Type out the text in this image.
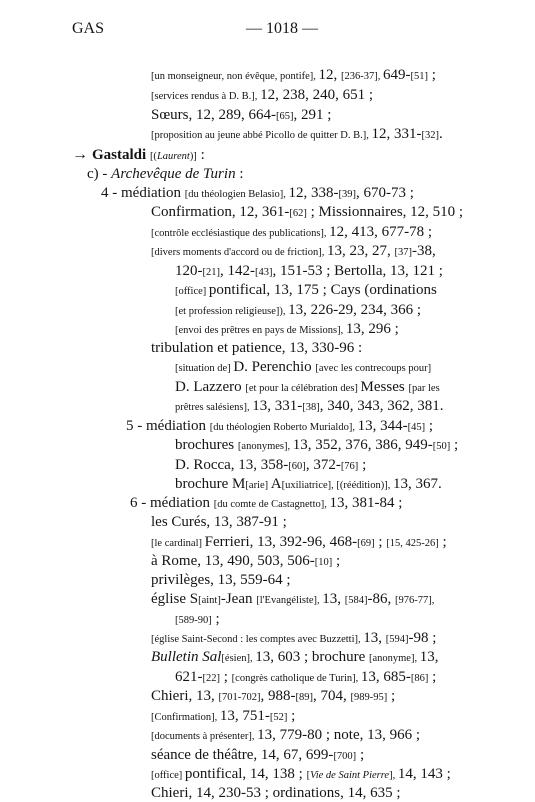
GAS	— 1018 —
[un monseigneur, non évêque, pontife], 12, [236-37], 649-[51] ;
[services rendus à D. B.], 12, 238, 240, 651 ;
Sœurs, 12, 289, 664-[65], 291 ;
[proposition au jeune abbé Picollo de quitter D. B.], 12, 331-[32].
→ Gastaldi [(Laurent)] :
c) - Archevêque de Turin :
4 - médiation [du théologien Belasio], 12, 338-[39], 670-73 ;
Confirmation, 12, 361-[62] ; Missionnaires, 12, 510 ;
[contrôle ecclésiastique des publications], 12, 413, 677-78 ;
[divers moments d'accord ou de friction], 13, 23, 27, [37]-38,
120-[21], 142-[43], 151-53 ; Bertolla, 13, 121 ;
[office] pontifical, 13, 175 ; Cays (ordinations
[et profession religieuse]), 13, 226-29, 234, 366 ;
[envoi des prêtres en pays de Missions], 13, 296 ;
tribulation et patience, 13, 330-96 :
[situation de] D. Perenchio [avec les contrecoups pour]
D. Lazzero [et pour la célébration des] Messes [par les
prêtres salésiens], 13, 331-[38], 340, 343, 362, 381.
5 - médiation [du théologien Roberto Murialdo], 13, 344-[45] ;
brochures [anonymes], 13, 352, 376, 386, 949-[50] ;
D. Rocca, 13, 358-[60], 372-[76] ;
brochure M[arie] A[uxiliatrice], [(réédition)], 13, 367.
6 - médiation [du comte de Castagnetto], 13, 381-84 ;
les Curés, 13, 387-91 ;
[le cardinal] Ferrieri, 13, 392-96, 468-[69] ; [15, 425-26] ;
à Rome, 13, 490, 503, 506-[10] ;
privilèges, 13, 559-64 ;
église S[aint]-Jean [l'Evangéliste], 13, [584]-86, [976-77],
[589-90] ;
[église Saint-Second : les comptes avec Buzzetti], 13, [594]-98 ;
Bulletin Sal[ésien], 13, 603 ; brochure [anonyme], 13,
621-[22] ; [congrès catholique de Turin], 13, 685-[86] ;
Chieri, 13, [701-702], 988-[89], 704, [989-95] ;
[Confirmation], 13, 751-[52] ;
[documents à présenter], 13, 779-80 ; note, 13, 966 ;
séance de théâtre, 14, 67, 699-[700] ;
[office] pontifical, 14, 138 ; [Vie de Saint Pierre], 14, 143 ;
Chieri, 14, 230-53 ; ordinations, 14, 635 ;
